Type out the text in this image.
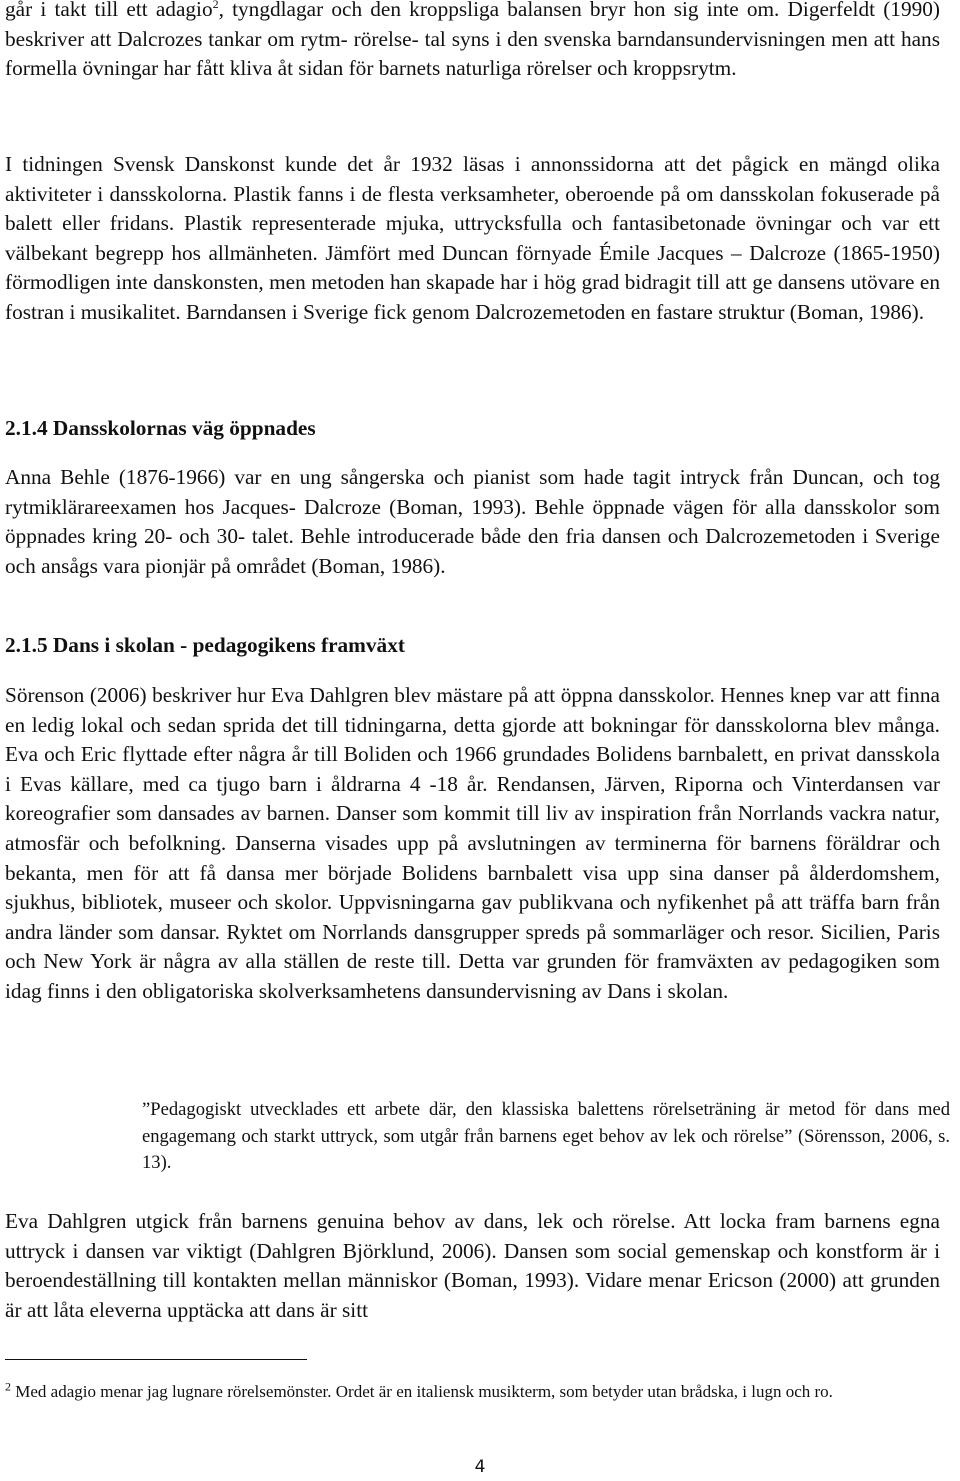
går i takt till ett adagio$^2$, tyngdlagar och den kroppsliga balansen bryr hon sig inte om. Digerfeldt (1990) beskriver att Dalcrozes tankar om rytm- rörelse- tal syns i den svenska barndansundervisningen men att hans formella övningar har fått kliva åt sidan för barnets naturliga rörelser och kroppsrytm.

I tidningen Svensk Danskonst kunde det år 1932 läsas i annonssidorna att det pågick en mängd olika aktiviteter i dansskolorna. Plastik fanns i de flesta verksamheter, oberoende på om dansskolan fokuserade på balett eller fridans. Plastik representerade mjuka, uttrycksfulla och fantasibetonade övningar och var ett välbekant begrepp hos allmänheten. Jämfört med Duncan förnyade Émile Jacques – Dalcroze (1865-1950) förmodligen inte danskonsten, men metoden han skapade har i hög grad bidragit till att ge dansens utövare en fostran i musikalitet. Barndansen i Sverige fick genom Dalcrozemetoden en fastare struktur (Boman, 1986).

2.1.4 Dansskolornas väg öppnades

Anna Behle (1876-1966) var en ung sångerska och pianist som hade tagit intryck från Duncan, och tog rytmiklärareexamen hos Jacques- Dalcroze (Boman, 1993). Behle öppnade vägen för alla dansskolor som öppnades kring 20- och 30- talet. Behle introducerade både den fria dansen och Dalcrozemetoden i Sverige och ansågs vara pionjär på området (Boman, 1986).

2.1.5 Dans i skolan - pedagogikens framväxt

Sörenson (2006) beskriver hur Eva Dahlgren blev mästare på att öppna dansskolor. Hennes knep var att finna en ledig lokal och sedan sprida det till tidningarna, detta gjorde att bokningar för dansskolorna blev många. Eva och Eric flyttade efter några år till Boliden och 1966 grundades Bolidens barnbalett, en privat dansskola i Evas källare, med ca tjugo barn i åldrarna 4 -18 år. Rendansen, Järven, Riporna och Vinterdansen var koreografier som dansades av barnen. Danser som kommit till liv av inspiration från Norrlands vackra natur, atmosfär och befolkning. Danserna visades upp på avslutningen av terminerna för barnens föräldrar och bekanta, men för att få dansa mer började Bolidens barnbalett visa upp sina danser på ålderdomshem, sjukhus, bibliotek, museer och skolor. Uppvisningarna gav publikvana och nyfikenhet på att träffa barn från andra länder som dansar. Ryktet om Norrlands dansgrupper spreds på sommarläger och resor. Sicilien, Paris och New York är några av alla ställen de reste till. Detta var grunden för framväxten av pedagogiken som idag finns i den obligatoriska skolverksamhetens dansundervisning av Dans i skolan.

”Pedagogiskt utvecklades ett arbete där, den klassiska balettens rörelseträning är metod för dans med engagemang och starkt uttryck, som utgår från barnens eget behov av lek och rörelse” (Sörensson, 2006, s. 13).

Eva Dahlgren utgick från barnens genuina behov av dans, lek och rörelse. Att locka fram barnens egna uttryck i dansen var viktigt (Dahlgren Björklund, 2006). Dansen som social gemenskap och konstform är i beroendeställning till kontakten mellan människor (Boman, 1993). Vidare menar Ericson (2000) att grunden är att låta eleverna upptäcka att dans är sitt

$^2$ Med adagio menar jag lugnare rörelsemönster. Ordet är en italiensk musikterm, som betyder utan brådska, i lugn och ro.

4
